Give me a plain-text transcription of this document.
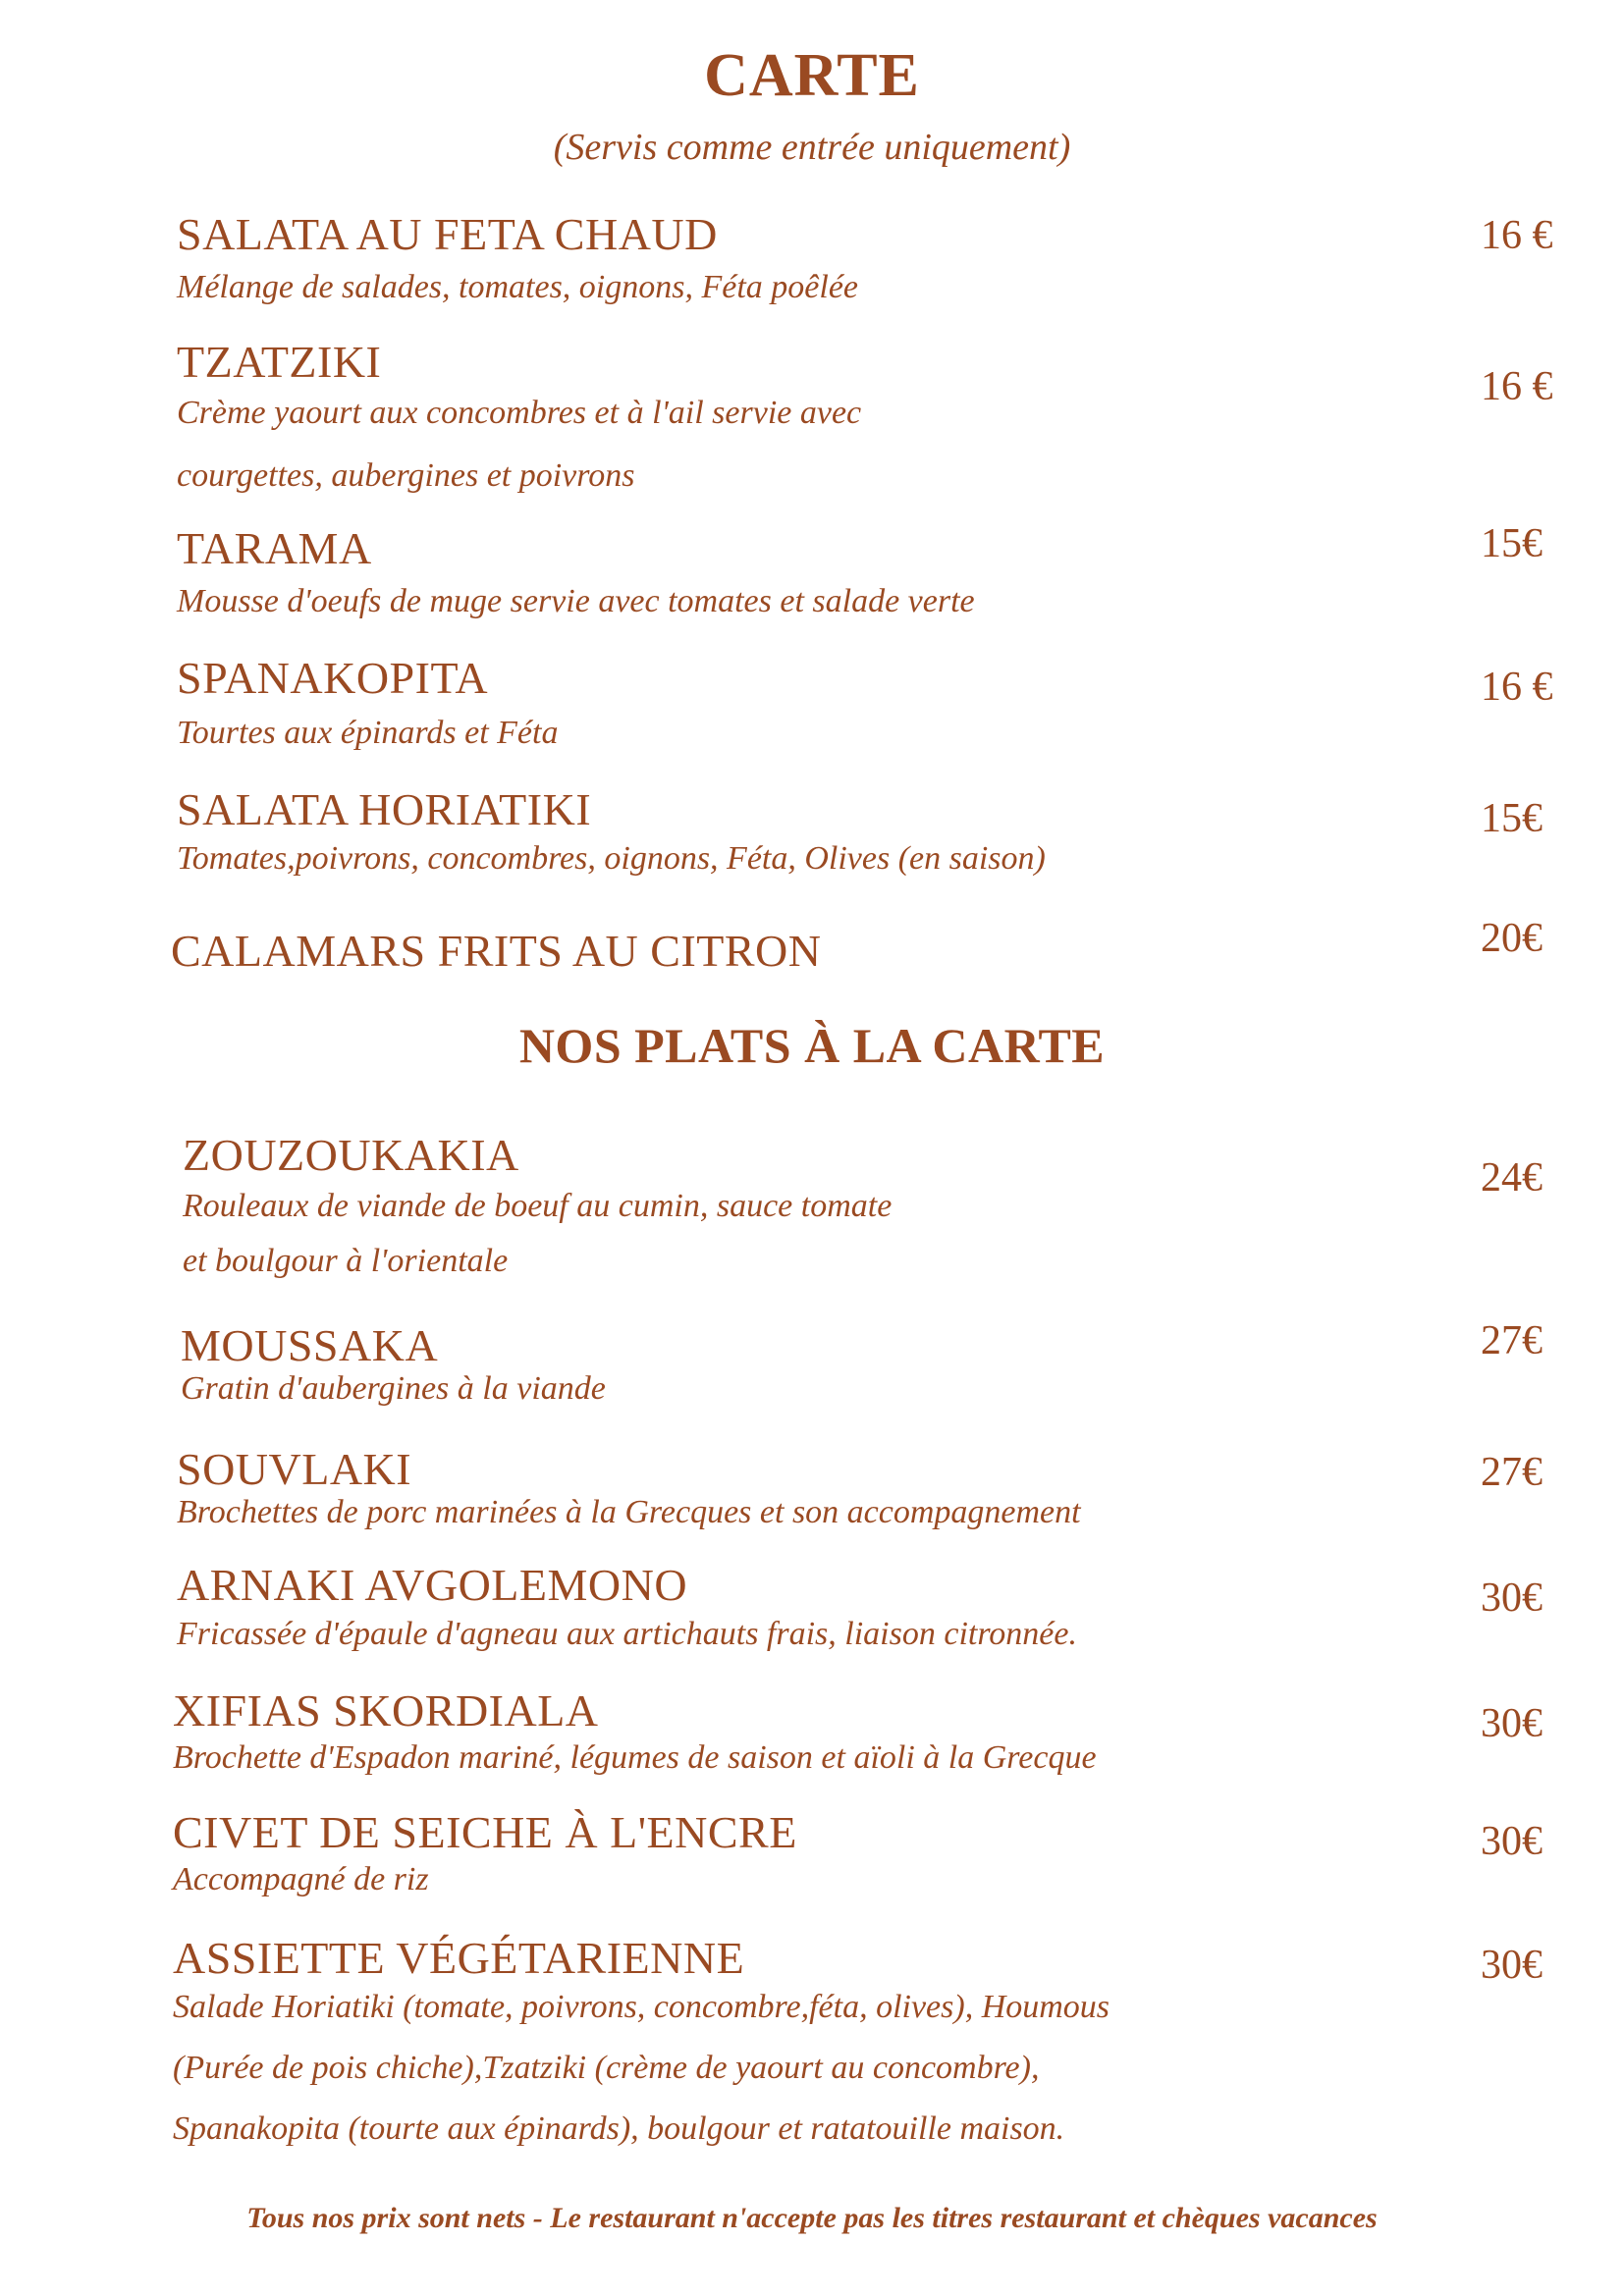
CARTE
(Servis comme entrée uniquement)
SALATA AU FETA CHAUD
Mélange de salades, tomates, oignons, Féta poêlée
16 €
TZATZIKI
Crème yaourt aux concombres et à l'ail servie avec
courgettes, aubergines et poivrons
16 €
TARAMA
Mousse d'oeufs de muge servie avec tomates et salade verte
15€
SPANAKOPITA
Tourtes aux épinards et Féta
16 €
SALATA HORIATIKI
Tomates,poivrons, concombres, oignons, Féta, Olives (en saison)
15€
CALAMARS FRITS AU CITRON	20€
NOS PLATS À LA CARTE
ZOUZOUKAKIA
Rouleaux de viande de boeuf au cumin, sauce tomate
et boulgour à l'orientale
24€
MOUSSAKA
Gratin d'aubergines à la viande
27€
SOUVLAKI
Brochettes de porc marinées à la Grecques et son accompagnement
27€
ARNAKI AVGOLEMONO
Fricassée d'épaule d'agneau aux artichauts frais, liaison citronnée.
30€
XIFIAS SKORDIALA
Brochette d'Espadon mariné, légumes de saison et aïoli à la Grecque
30€
CIVET DE SEICHE À L'ENCRE
Accompagné de riz
30€
ASSIETTE VÉGÉTARIENNE
Salade Horiatiki (tomate, poivrons, concombre,féta, olives), Houmous
(Purée de pois chiche),Tzatziki (crème de yaourt au concombre),
Spanakopita (tourte aux épinards), boulgour et ratatouille maison.
30€
Tous nos prix sont nets - Le restaurant n'accepte pas les titres restaurant et chèques vacances
